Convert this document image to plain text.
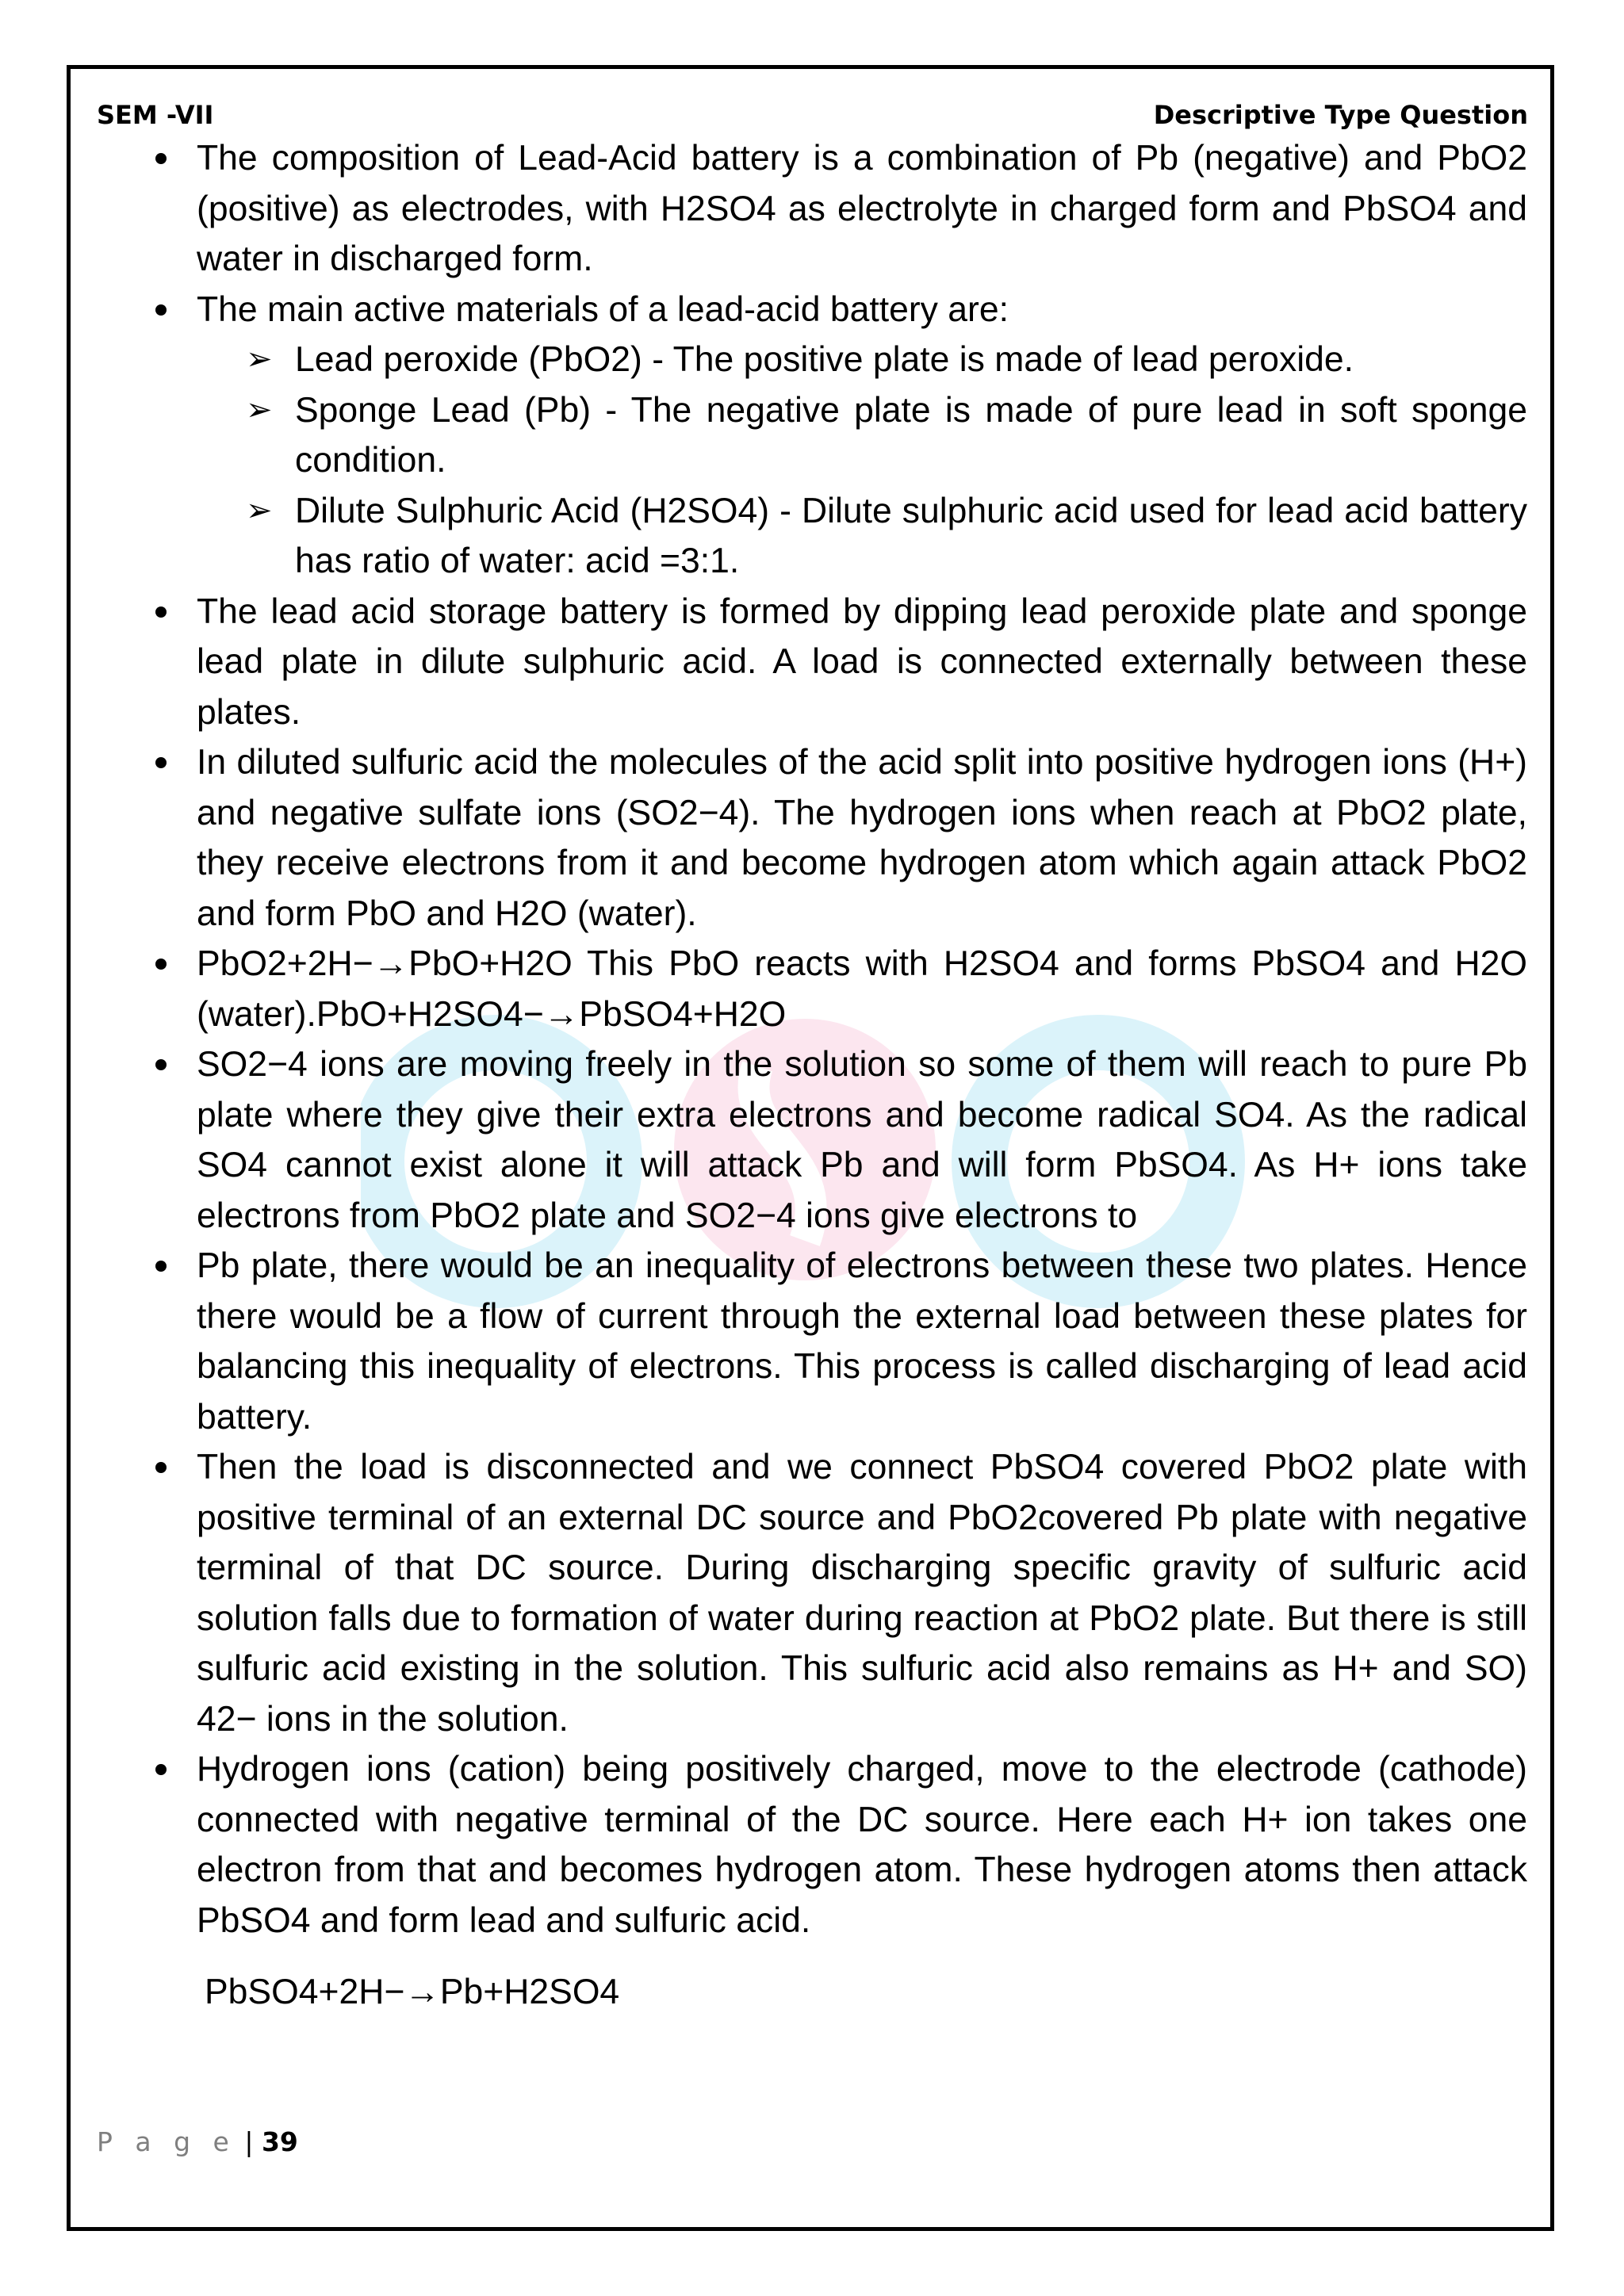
SEM -VII	Descriptive Type Question
The composition of Lead-Acid battery is a combination of Pb (negative) and PbO2 (positive) as electrodes, with H2SO4 as electrolyte in charged form and PbSO4 and water in discharged form.
The main active materials of a lead-acid battery are:
➢ Lead peroxide (PbO2) - The positive plate is made of lead peroxide.
➢ Sponge Lead (Pb) - The negative plate is made of pure lead in soft sponge condition.
➢ Dilute Sulphuric Acid (H2SO4) - Dilute sulphuric acid used for lead acid battery has ratio of water: acid =3:1.
The lead acid storage battery is formed by dipping lead peroxide plate and sponge lead plate in dilute sulphuric acid. A load is connected externally between these plates.
In diluted sulfuric acid the molecules of the acid split into positive hydrogen ions (H+) and negative sulfate ions (SO2−4). The hydrogen ions when reach at PbO2 plate, they receive electrons from it and become hydrogen atom which again attack PbO2 and form PbO and H2O (water).
PbO2+2H−→PbO+H2O This PbO reacts with H2SO4 and forms PbSO4 and H2O (water).PbO+H2SO4−→PbSO4+H2O
SO2−4 ions are moving freely in the solution so some of them will reach to pure Pb plate where they give their extra electrons and become radical SO4. As the radical SO4 cannot exist alone it will attack Pb and will form PbSO4. As H+ ions take electrons from PbO2 plate and SO2−4 ions give electrons to
Pb plate, there would be an inequality of electrons between these two plates. Hence there would be a flow of current through the external load between these plates for balancing this inequality of electrons. This process is called discharging of lead acid battery.
Then the load is disconnected and we connect PbSO4 covered PbO2 plate with positive terminal of an external DC source and PbO2covered Pb plate with negative terminal of that DC source. During discharging specific gravity of sulfuric acid solution falls due to formation of water during reaction at PbO2 plate. But there is still sulfuric acid existing in the solution. This sulfuric acid also remains as H+ and SO) 42− ions in the solution.
Hydrogen ions (cation) being positively charged, move to the electrode (cathode) connected with negative terminal of the DC source. Here each H+ ion takes one electron from that and becomes hydrogen atom. These hydrogen atoms then attack PbSO4 and form lead and sulfuric acid.
PbSO4+2H−→Pb+H2SO4
P a g e | 39
